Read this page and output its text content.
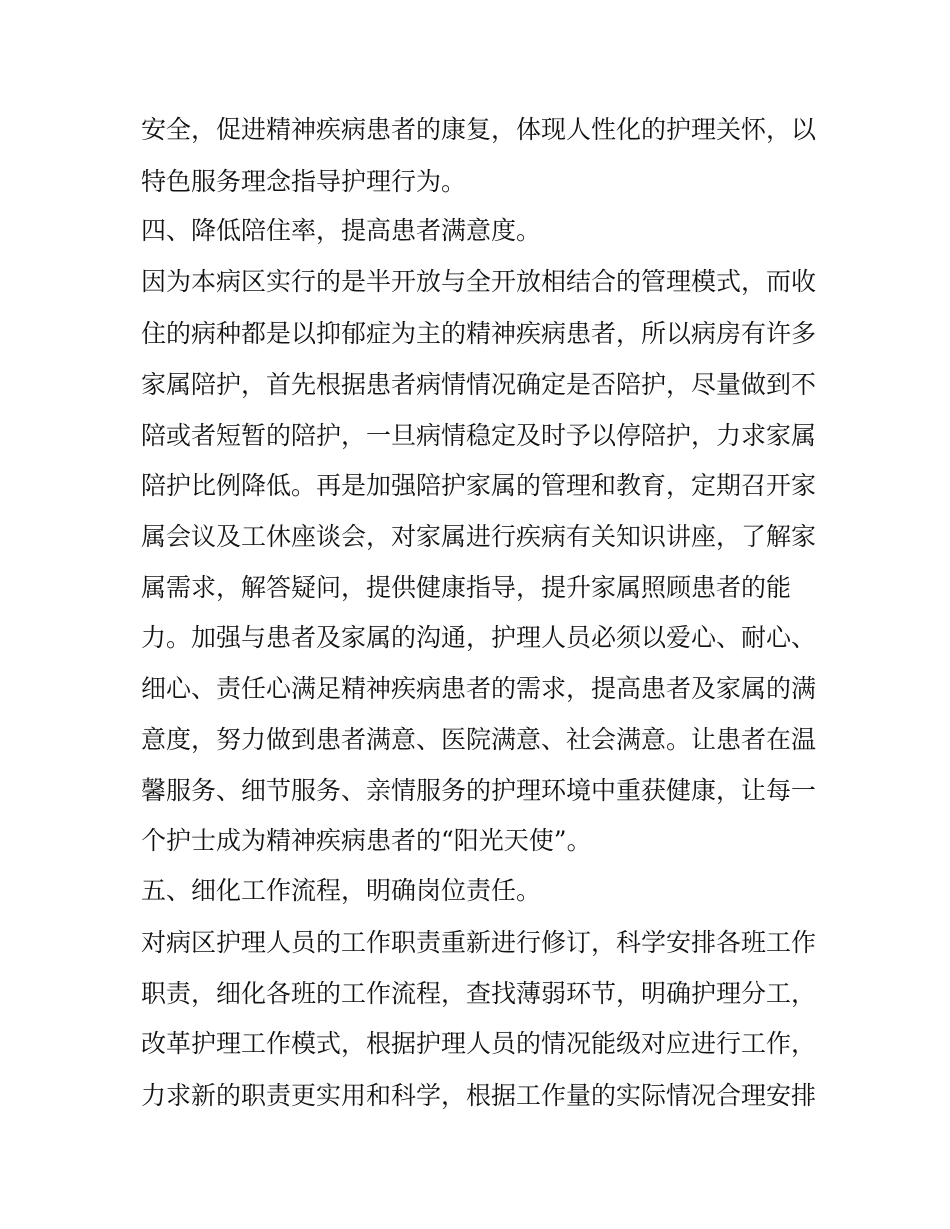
安全，促进精神疾病患者的康复，体现人性化的护理关怀，以
特色服务理念指导护理行为。
四、降低陪住率，提高患者满意度。
因为本病区实行的是半开放与全开放相结合的管理模式，而收
住的病种都是以抑郁症为主的精神疾病患者，所以病房有许多
家属陪护，首先根据患者病情情况确定是否陪护，尽量做到不
陪或者短暂的陪护，一旦病情稳定及时予以停陪护，力求家属
陪护比例降低。再是加强陪护家属的管理和教育，定期召开家
属会议及工休座谈会，对家属进行疾病有关知识讲座，了解家
属需求，解答疑问，提供健康指导，提升家属照顾患者的能
力。加强与患者及家属的沟通，护理人员必须以爱心、耐心、
细心、责任心满足精神疾病患者的需求，提高患者及家属的满
意度，努力做到患者满意、医院满意、社会满意。让患者在温
馨服务、细节服务、亲情服务的护理环境中重获健康，让每一
个护士成为精神疾病患者的“阳光天使”。
五、细化工作流程，明确岗位责任。
对病区护理人员的工作职责重新进行修订，科学安排各班工作
职责，细化各班的工作流程，查找薄弱环节，明确护理分工，
改革护理工作模式，根据护理人员的情况能级对应进行工作，
力求新的职责更实用和科学，根据工作量的实际情况合理安排
